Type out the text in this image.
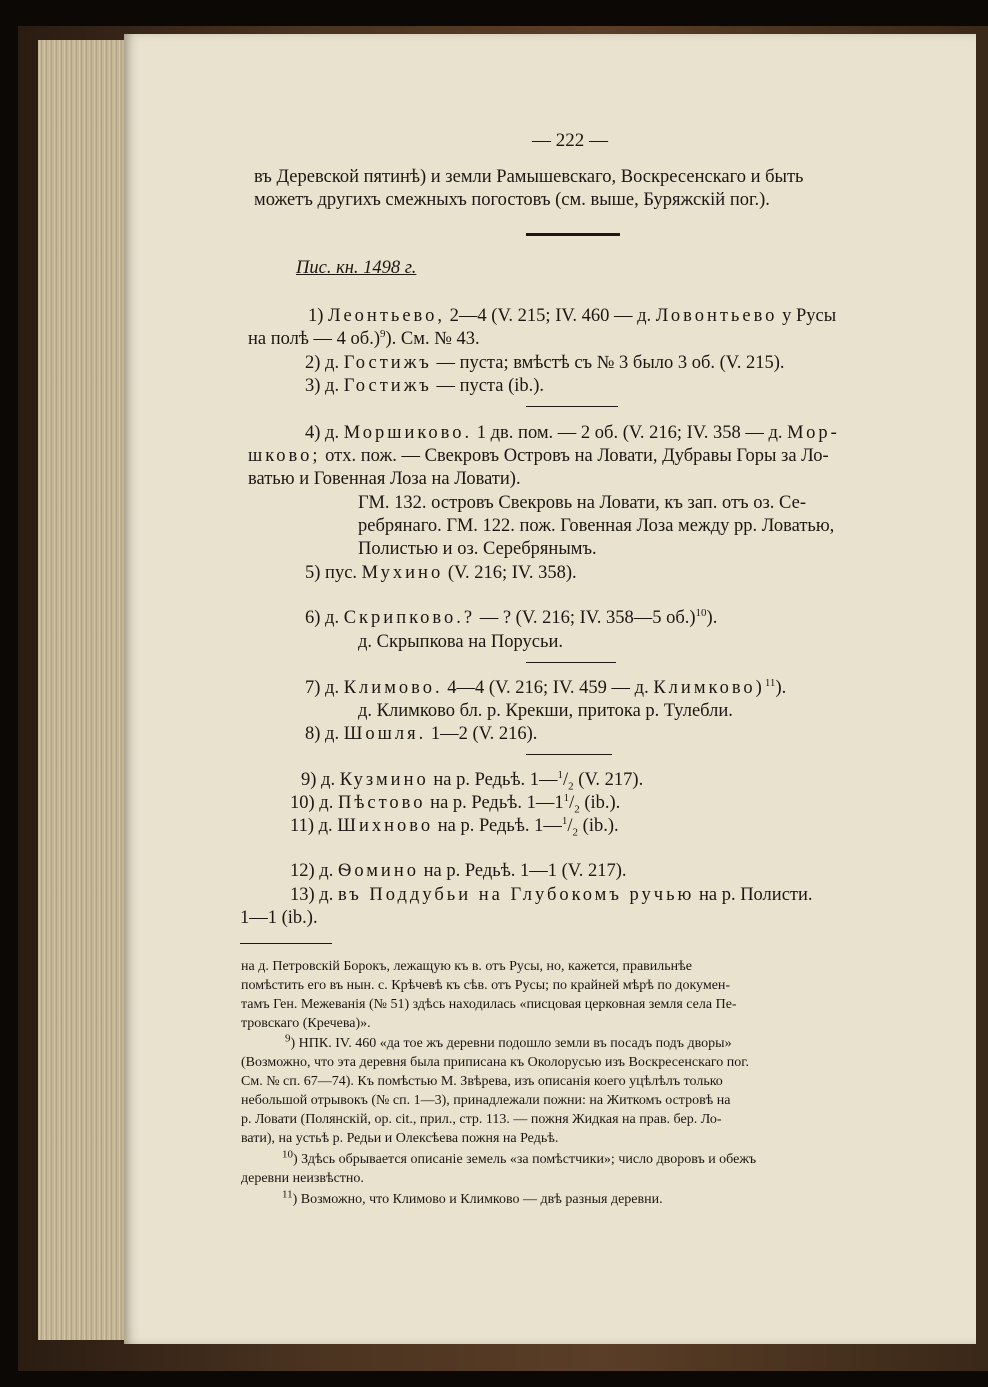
— 222 —
въ Деревской пятинѣ) и земли Рамышевскаго, Воскресенскаго и быть
можетъ другихъ смежныхъ погостовъ (см. выше, Буряжскій пог.).
Пис. кн. 1498 г.
1) Леонтьево, 2—4 (V. 215; IV. 460 — д. Ловонтьево у Русы
на полѣ — 4 об.)$^9$). См. № 43.
2) д. Гостижъ — пуста; вмѣстѣ съ № 3 было 3 об. (V. 215).
3) д. Гостижъ — пуста (ib.).
4) д. Моршиково. 1 дв. пом. — 2 об. (V. 216; IV. 358 — д. Мор-
шково; отх. пож. — Свекровъ Островъ на Ловати, Дубравы Горы за Ло-
ватью и Говенная Лоза на Ловати).
ГМ. 132. островъ Свекровь на Ловати, къ зап. отъ оз. Се-
ребрянаго. ГМ. 122. пож. Говенная Лоза между рр. Ловатью,
Полистью и оз. Серебрянымъ.
5) пус. Мухино (V. 216; IV. 358).
6) д. Скрипково.? — ? (V. 216; IV. 358—5 об.)$^{10}$).
д. Скрыпкова на Порусьи.
7) д. Климово. 4—4 (V. 216; IV. 459 — д. Климково)$^{11}$).
д. Климково бл. р. Крекши, притока р. Тулебли.
8) д. Шошля. 1—2 (V. 216).
9) д. Кузмино на р. Редьѣ. $1—^1/_2$ (V. 217).
10) д. Пѣстово на р. Редьѣ. $1—1^1/_2$ (ib.).
11) д. Шихново на р. Редьѣ. $1—^1/_2$ (ib.).
12) д. Ѳомино на р. Редьѣ. 1—1 (V. 217).
13) д. въ Поддубьи на Глубокомъ ручью на р. Полисти.
1—1 (ib.).
на д. Петровскій Борокъ, лежащую къ в. отъ Русы, но, кажется, правильнѣе
помѣстить его въ нын. с. Крѣчевѣ къ сѣв. отъ Русы; по крайней мѣрѣ по докумен-
тамъ Ген. Межеванія (№ 51) здѣсь находилась «писцовая церковная земля села Пе-
тровскаго (Кречева)».
$^9$) НПК. IV. 460 «да тое жъ деревни подошло земли въ посадъ подъ дворы»
(Возможно, что эта деревня была приписана къ Околорусью изъ Воскресенскаго пог.
См. № сп. 67—74). Къ помѣстью М. Звѣрева, изъ описанія коего уцѣлѣлъ только
небольшой отрывокъ (№ сп. 1—3), принадлежали пожни: на Житкомъ островѣ на
р. Ловати (Полянскій, op. cit., прил., стр. 113. — пожня Жидкая на прав. бер. Ло-
вати), на устьѣ р. Редьи и Олексѣева пожня на Редьѣ.
$^{10}$) Здѣсь обрывается описаніе земель «за помѣстчики»; число дворовъ и обежъ
деревни неизвѣстно.
$^{11}$) Возможно, что Климово и Климково — двѣ разныя деревни.
